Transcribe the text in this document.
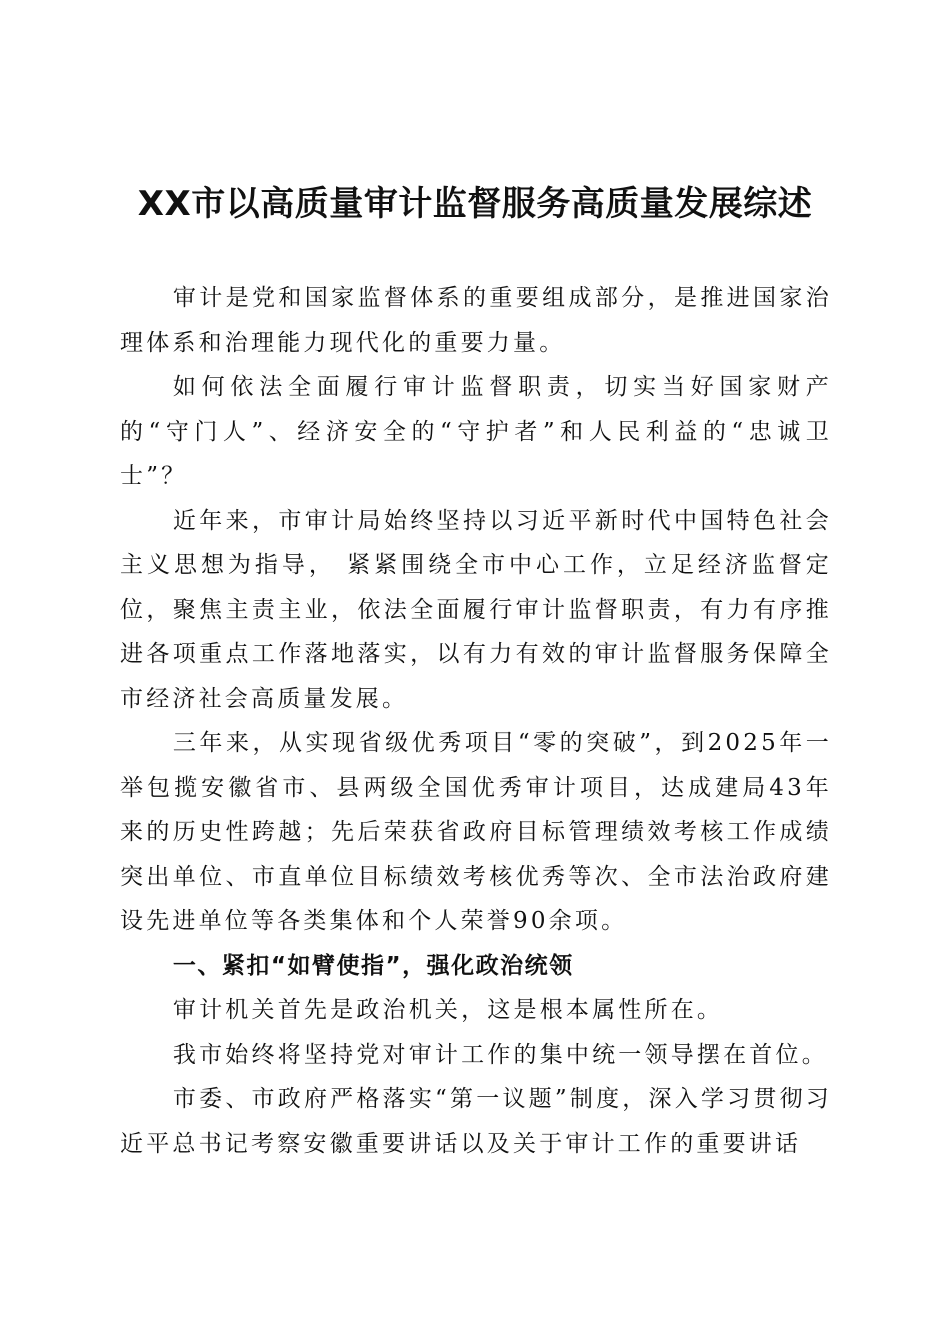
XX市以高质量审计监督服务高质量发展综述

审计是党和国家监督体系的重要组成部分，是推进国家治理体系和治理能力现代化的重要力量。

如何依法全面履行审计监督职责，切实当好国家财产的“守门人”、经济安全的“守护者”和人民利益的“忠诚卫士”？

近年来，市审计局始终坚持以习近平新时代中国特色社会主义思想为指导， 紧紧围绕全市中心工作，立足经济监督定位，聚焦主责主业，依法全面履行审计监督职责，有力有序推进各项重点工作落地落实，以有力有效的审计监督服务保障全市经济社会高质量发展。

三年来，从实现省级优秀项目“零的突破”，到2025年一举包揽安徽省市、县两级全国优秀审计项目，达成建局43年来的历史性跨越；先后荣获省政府目标管理绩效考核工作成绩突出单位、市直单位目标绩效考核优秀等次、全市法治政府建设先进单位等各类集体和个人荣誉90余项。

一、紧扣“如臂使指”，强化政治统领

审计机关首先是政治机关，这是根本属性所在。

我市始终将坚持党对审计工作的集中统一领导摆在首位。

市委、市政府严格落实“第一议题”制度，深入学习贯彻习近平总书记考察安徽重要讲话以及关于审计工作的重要讲话
